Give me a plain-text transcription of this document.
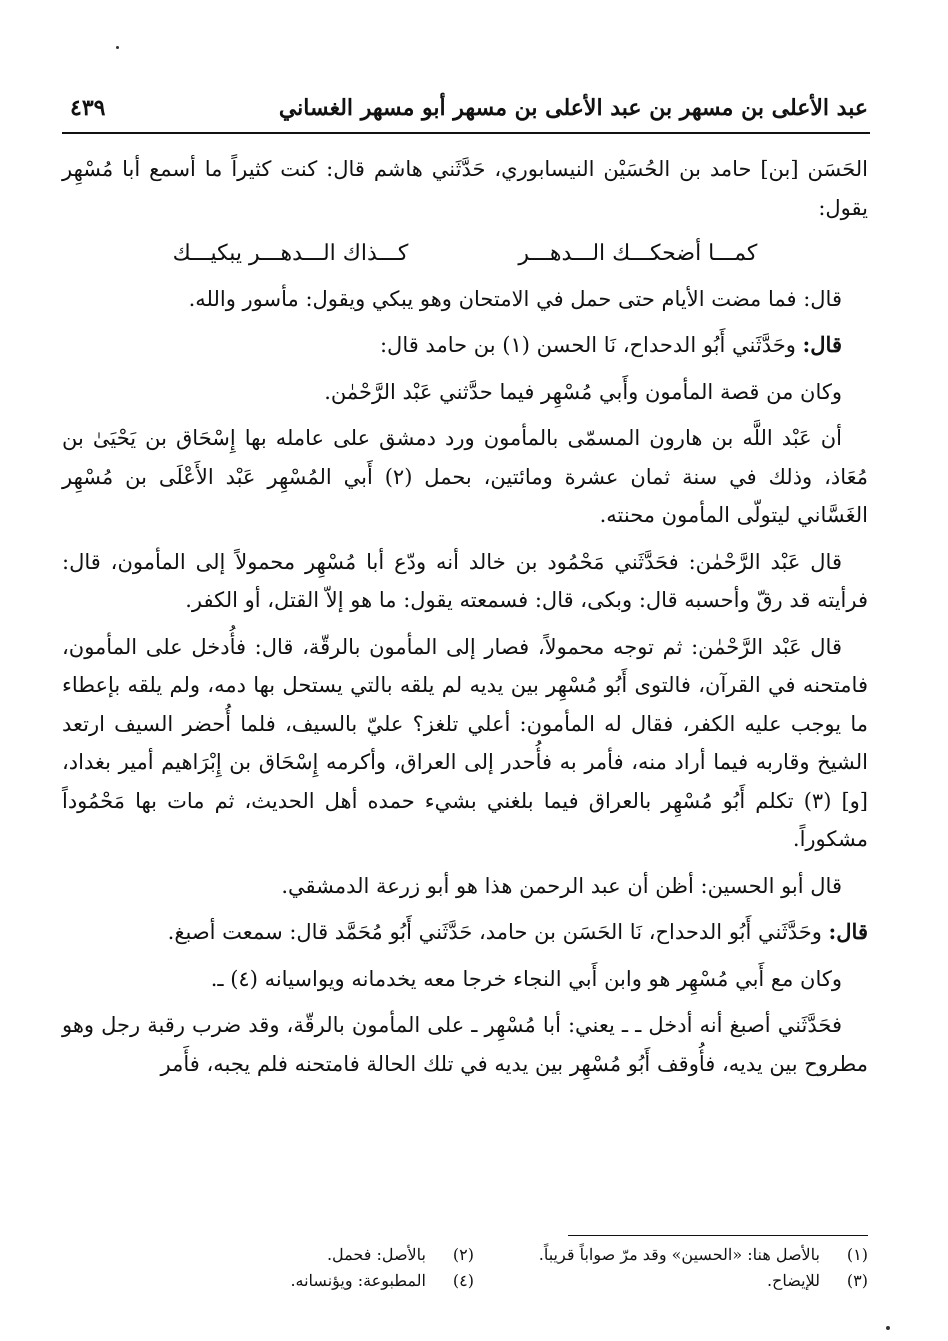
عبد الأعلى بن مسهر بن عبد الأعلى بن مسهر أبو مسهر الغساني
٤٣٩

الحَسَن [بن] حامد بن الحُسَيْن النيسابوري، حَدَّثَني هاشم قال: كنت كثيراً ما أسمع أبا مُسْهِر يقول:

كمـــا أضحكـــك الـــدهـــر
كـــذاك الـــدهـــر يبكيـــك

قال: فما مضت الأيام حتى حمل في الامتحان وهو يبكي ويقول: مأسور والله.

قال: وحَدَّثَني أَبُو الدحداح، نَا الحسن (١) بن حامد قال:

وكان من قصة المأمون وأَبي مُسْهِر فيما حدَّثني عَبْد الرَّحْمٰن.

أن عَبْد اللَّه بن هارون المسمّى بالمأمون ورد دمشق على عامله بها إِسْحَاق بن يَحْيَىٰ بن مُعَاذ، وذلك في سنة ثمان عشرة ومائتين، بحمل (٢) أَبي المُسْهِر عَبْد الأَعْلَى بن مُسْهِر الغَسَّاني ليتولّى المأمون محنته.

قال عَبْد الرَّحْمٰن: فحَدَّثَني مَحْمُود بن خالد أنه ودّع أبا مُسْهِر محمولاً إلى المأمون، قال: فرأيته قد رقّ وأحسبه قال: وبكى، قال: فسمعته يقول: ما هو إلاّ القتل، أو الكفر.

قال عَبْد الرَّحْمٰن: ثم توجه محمولاً، فصار إلى المأمون بالرقّة، قال: فأُدخل على المأمون، فامتحنه في القرآن، فالتوى أَبُو مُسْهِر بين يديه لم يلقه بالتي يستحل بها دمه، ولم يلقه بإعطاء ما يوجب عليه الكفر، فقال له المأمون: أعلي تلغز؟ عليّ بالسيف، فلما أُحضر السيف ارتعد الشيخ وقاربه فيما أراد منه، فأمر به فأُحدر إلى العراق، وأكرمه إِسْحَاق بن إِبْرَاهيم أمير بغداد، [و] (٣) تكلم أَبُو مُسْهِر بالعراق فيما بلغني بشيء حمده أهل الحديث، ثم مات بها مَحْمُوداً مشكوراً.

قال أبو الحسين: أظن أن عبد الرحمن هذا هو أبو زرعة الدمشقي.

قال: وحَدَّثَني أَبُو الدحداح، نَا الحَسَن بن حامد، حَدَّثَني أَبُو مُحَمَّد قال: سمعت أصبغ.

وكان مع أَبي مُسْهِر هو وابن أَبي النجاء خرجا معه يخدمانه ويواسيانه (٤) ـ.

فحَدَّثَني أصبغ أنه أدخل ـ ـ يعني: أبا مُسْهِر ـ على المأمون بالرقّة، وقد ضرب رقبة رجل وهو مطروح بين يديه، فأُوقف أَبُو مُسْهِر بين يديه في تلك الحالة فامتحنه فلم يجبه، فأَمر

(١)
بالأصل هنا: «الحسين» وقد مرّ صواباً قريباً.
(٢)
بالأصل: فحمل.
(٣)
للإيضاح.
(٤)
المطبوعة: ويؤنسانه.
